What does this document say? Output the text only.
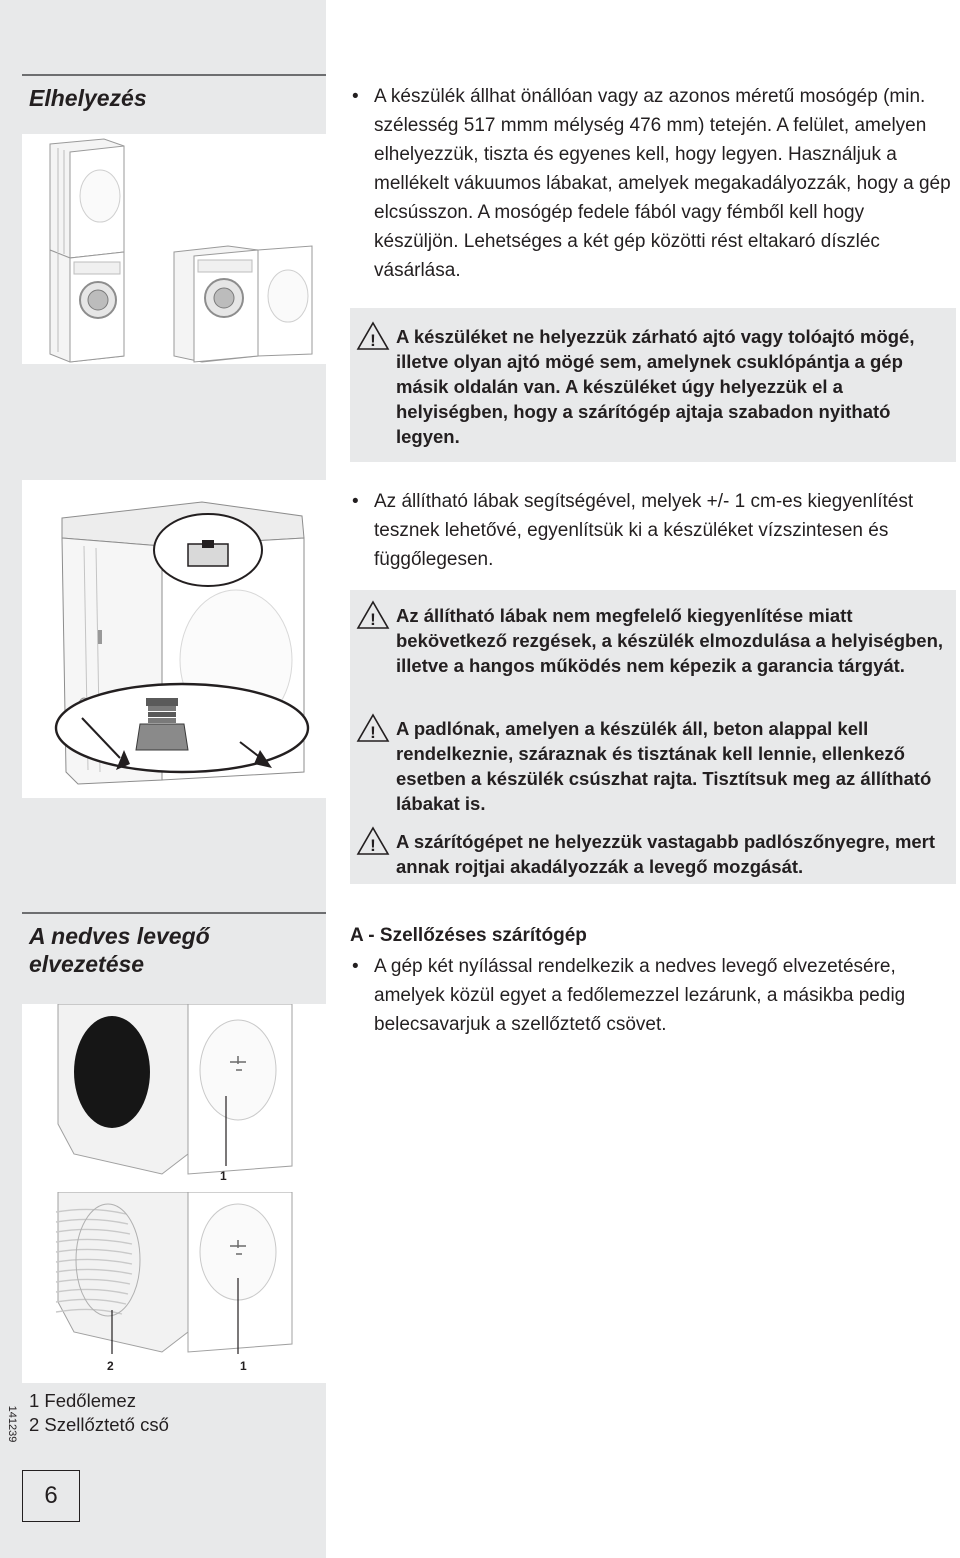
Elhelyezés	• A készülék állhat önállóan vagy az azonos méretű mosógép (min. szélesség 517 mmm mélység 476 mm) tetején. A felület, amelyen elhelyezzük, tiszta és egyenes kell, hogy legyen. Használjuk a mellékelt vákuumos lábakat, amelyek megakadályozzák, hogy a gép elcsússzon. A mosógép fedele fából vagy fémből kell hogy készüljön. Lehetséges a két gép közötti rést eltakaró díszléc vásárlása.
!	A készüléket ne helyezzük zárható ajtó vagy tolóajtó mögé, illetve olyan ajtó mögé sem, amelynek csuklópántja a gép másik oldalán van. A készüléket úgy helyezzük el a helyiségben, hogy a szárítógép ajtaja szabadon nyitható legyen.
• Az állítható lábak segítségével, melyek +/- 1 cm-es kiegyenlítést tesznek lehetővé, egyenlítsük ki a készüléket vízszintesen és függőlegesen.
!	Az állítható lábak nem megfelelő kiegyenlítése miatt bekövetkező rezgések, a készülék elmozdulása a helyiségben, illetve a hangos működés nem képezik a garancia tárgyát.
!	A padlónak, amelyen a készülék áll, beton alappal kell rendelkeznie, száraznak és tisztának kell lennie, ellenkező esetben a készülék csúszhat rajta. Tisztítsuk meg az állítható lábakat is.
!	A szárítógépet ne helyezzük vastagabb padlószőnyegre, mert annak rojtjai akadályozzák a levegő mozgását.
A nedves levegő elvezetése
A - Szellőzéses szárítógép
• A gép két nyílással rendelkezik a nedves levegő elvezetésére, amelyek közül egyet a fedőlemezzel lezárunk, a másikba pedig belecsavarjuk a szellőztető csövet.
1
2	1
1 Fedőlemez
2 Szellőztető cső
141239
6
